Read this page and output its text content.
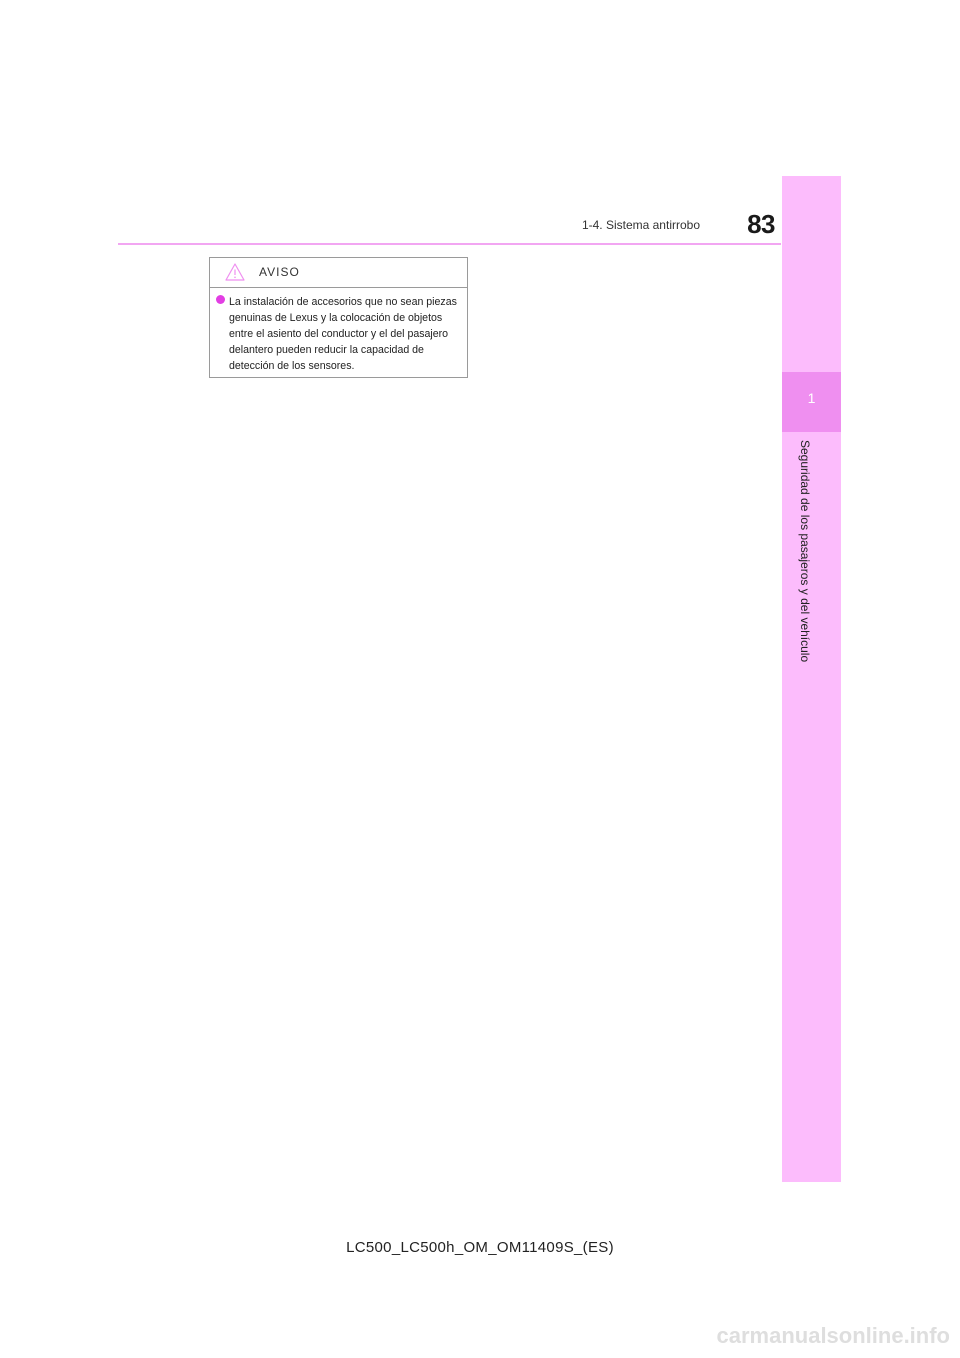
1-4. Sistema antirrobo	83
1
Seguridad de los pasajeros y del vehículo
AVISO
La instalación de accesorios que no sean piezas genuinas de Lexus y la colocación de objetos entre el asiento del conductor y el del pasajero delantero pueden reducir la capacidad de detección de los sensores.
LC500_LC500h_OM_OM11409S_(ES)
carmanualsonline.info
